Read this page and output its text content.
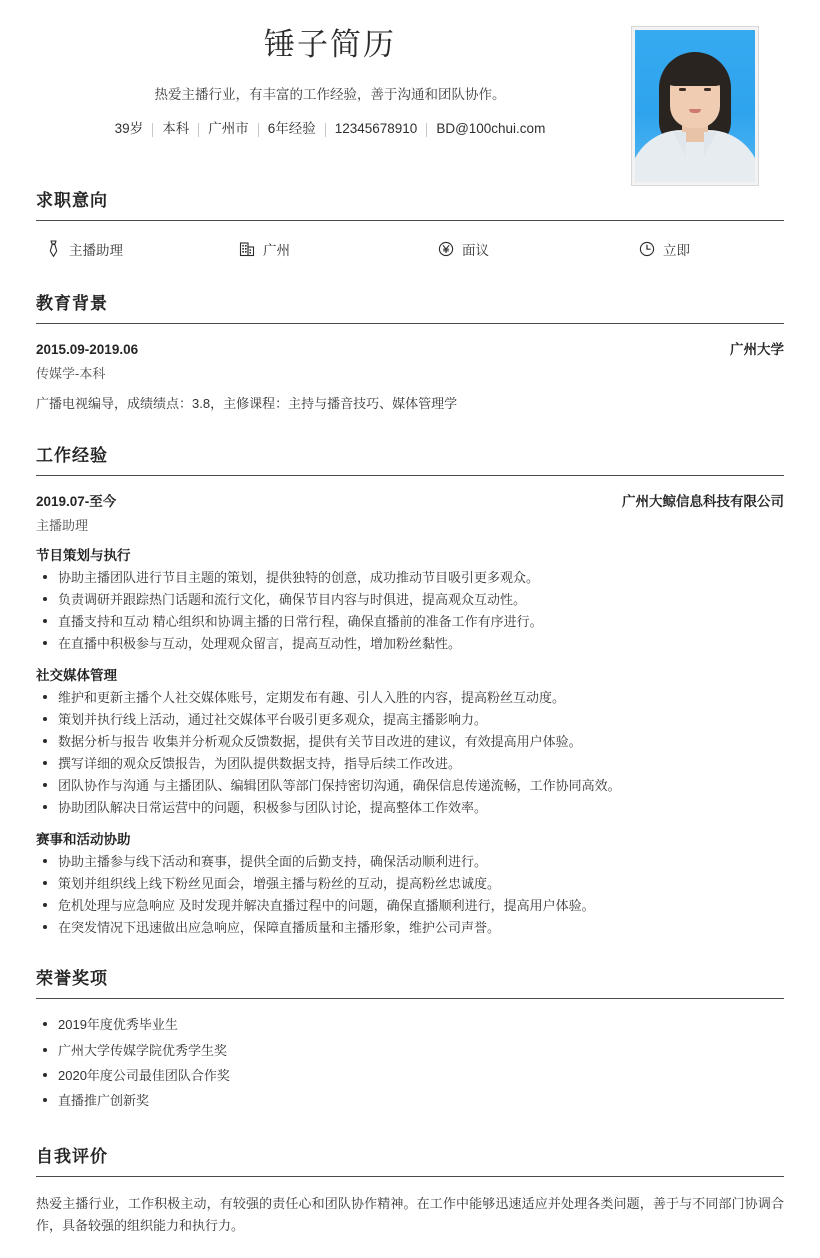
锤子简历
热爱主播行业，有丰富的工作经验，善于沟通和团队协作。
39岁	本科	广州市	6年经验	12345678910	BD@100chui.com
求职意向
主播助理	广州	面议	立即
教育背景
2015.09-2019.06	广州大学
传媒学-本科
广播电视编导，成绩绩点：3.8，主修课程：主持与播音技巧、媒体管理学
工作经验
2019.07-至今	广州大鲸信息科技有限公司
主播助理
节目策划与执行
协助主播团队进行节目主题的策划，提供独特的创意，成功推动节目吸引更多观众。
负责调研并跟踪热门话题和流行文化，确保节目内容与时俱进，提高观众互动性。
直播支持和互动 精心组织和协调主播的日常行程，确保直播前的准备工作有序进行。
在直播中积极参与互动，处理观众留言，提高互动性，增加粉丝黏性。
社交媒体管理
维护和更新主播个人社交媒体账号，定期发布有趣、引人入胜的内容，提高粉丝互动度。
策划并执行线上活动，通过社交媒体平台吸引更多观众，提高主播影响力。
数据分析与报告 收集并分析观众反馈数据，提供有关节目改进的建议，有效提高用户体验。
撰写详细的观众反馈报告，为团队提供数据支持，指导后续工作改进。
团队协作与沟通 与主播团队、编辑团队等部门保持密切沟通，确保信息传递流畅，工作协同高效。
协助团队解决日常运营中的问题，积极参与团队讨论，提高整体工作效率。
赛事和活动协助
协助主播参与线下活动和赛事，提供全面的后勤支持，确保活动顺利进行。
策划并组织线上线下粉丝见面会，增强主播与粉丝的互动，提高粉丝忠诚度。
危机处理与应急响应 及时发现并解决直播过程中的问题，确保直播顺利进行，提高用户体验。
在突发情况下迅速做出应急响应，保障直播质量和主播形象，维护公司声誉。
荣誉奖项
2019年度优秀毕业生
广州大学传媒学院优秀学生奖
2020年度公司最佳团队合作奖
直播推广创新奖
自我评价
热爱主播行业，工作积极主动，有较强的责任心和团队协作精神。在工作中能够迅速适应并处理各类问题，善于与不同部门协调合作，具备较强的组织能力和执行力。
